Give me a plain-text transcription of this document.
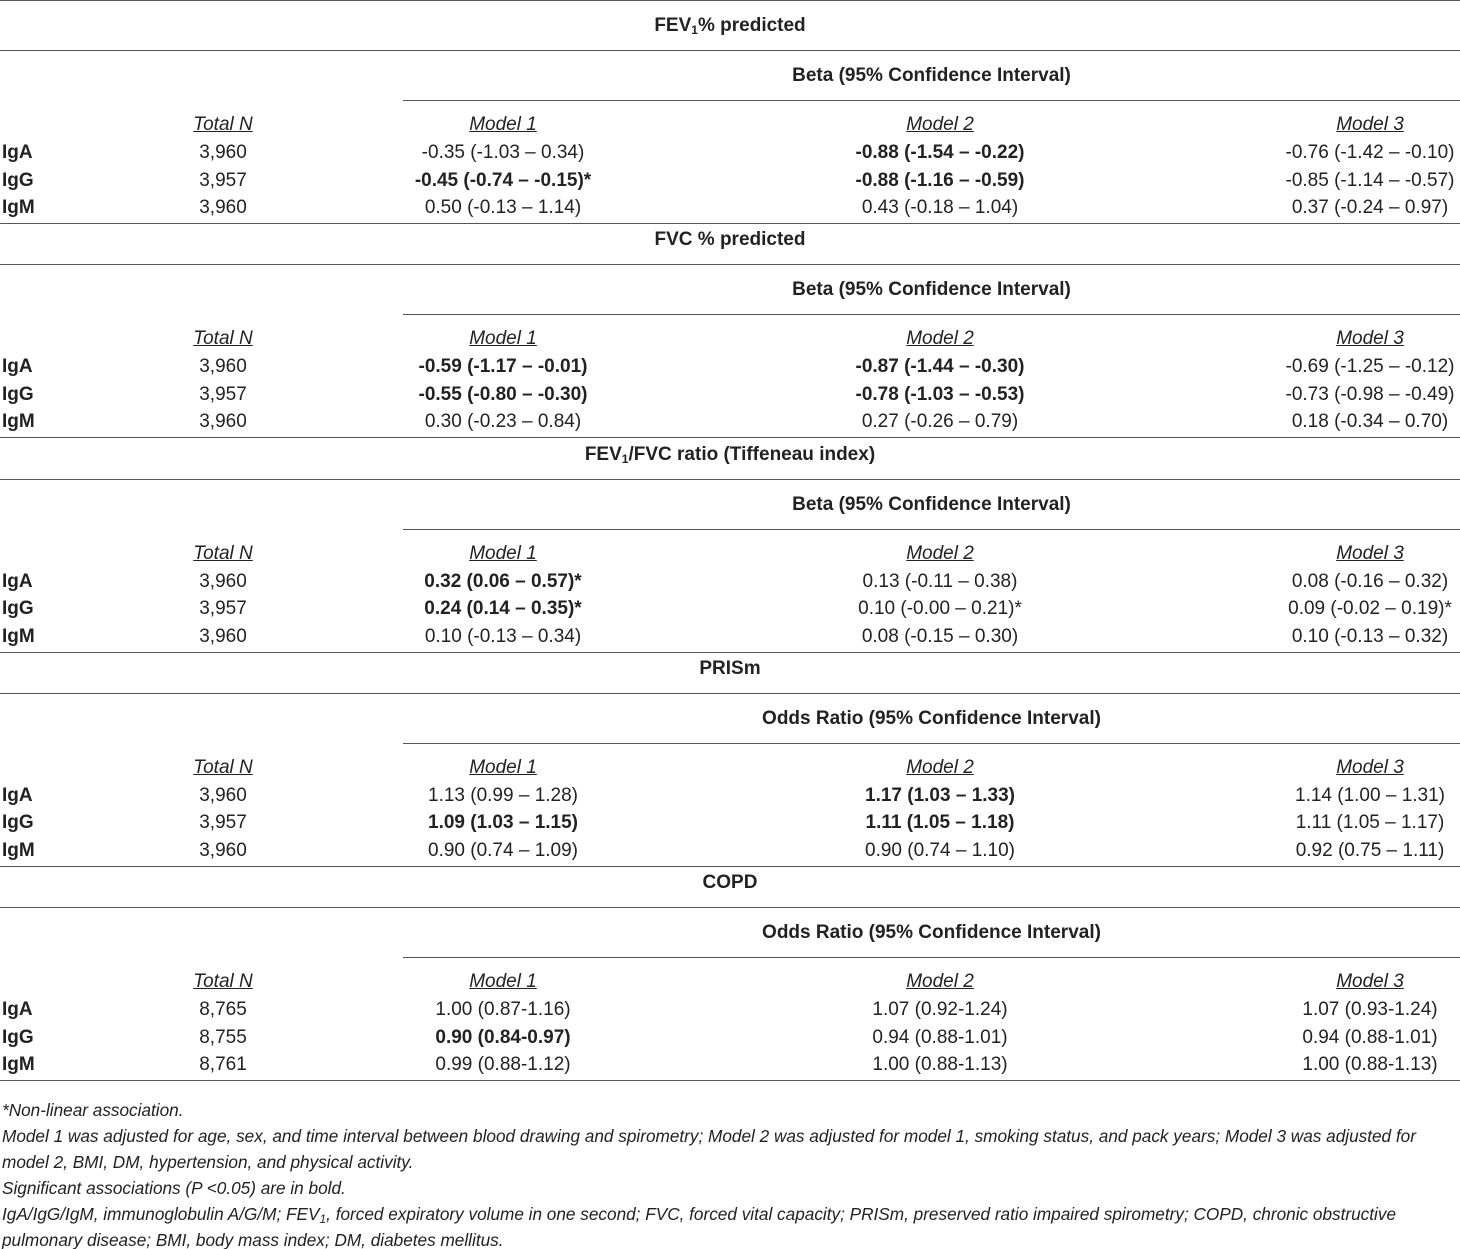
$FEV_1\%$ predicted
Beta (95% Confidence Interval)
Total N	Model 1	Model 2	Model 3
IgA	3,960	-0.35 (-1.03 – 0.34)	-0.88 (-1.54 – -0.22)	-0.76 (-1.42 – -0.10)
IgG	3,957	-0.45 (-0.74 – -0.15)*	-0.88 (-1.16 – -0.59)	-0.85 (-1.14 – -0.57)
IgM	3,960	0.50 (-0.13 – 1.14)	0.43 (-0.18 – 1.04)	0.37 (-0.24 – 0.97)
FVC % predicted
Beta (95% Confidence Interval)
Total N	Model 1	Model 2	Model 3
IgA	3,960	-0.59 (-1.17 – -0.01)	-0.87 (-1.44 – -0.30)	-0.69 (-1.25 – -0.12)
IgG	3,957	-0.55 (-0.80 – -0.30)	-0.78 (-1.03 – -0.53)	-0.73 (-0.98 – -0.49)
IgM	3,960	0.30 (-0.23 – 0.84)	0.27 (-0.26 – 0.79)	0.18 (-0.34 – 0.70)
$FEV_1$/FVC ratio (Tiffeneau index)
Beta (95% Confidence Interval)
Total N	Model 1	Model 2	Model 3
IgA	3,960	0.32 (0.06 – 0.57)*	0.13 (-0.11 – 0.38)	0.08 (-0.16 – 0.32)
IgG	3,957	0.24 (0.14 – 0.35)*	0.10 (-0.00 – 0.21)*	0.09 (-0.02 – 0.19)*
IgM	3,960	0.10 (-0.13 – 0.34)	0.08 (-0.15 – 0.30)	0.10 (-0.13 – 0.32)
PRISm
Odds Ratio (95% Confidence Interval)
Total N	Model 1	Model 2	Model 3
IgA	3,960	1.13 (0.99 – 1.28)	1.17 (1.03 – 1.33)	1.14 (1.00 – 1.31)
IgG	3,957	1.09 (1.03 – 1.15)	1.11 (1.05 – 1.18)	1.11 (1.05 – 1.17)
IgM	3,960	0.90 (0.74 – 1.09)	0.90 (0.74 – 1.10)	0.92 (0.75 – 1.11)
COPD
Odds Ratio (95% Confidence Interval)
Total N	Model 1	Model 2	Model 3
IgA	8,765	1.00 (0.87-1.16)	1.07 (0.92-1.24)	1.07 (0.93-1.24)
IgG	8,755	0.90 (0.84-0.97)	0.94 (0.88-1.01)	0.94 (0.88-1.01)
IgM	8,761	0.99 (0.88-1.12)	1.00 (0.88-1.13)	1.00 (0.88-1.13)

*Non-linear association.

Model 1 was adjusted for age, sex, and time interval between blood drawing and spirometry; Model 2 was adjusted for model 1, smoking status, and pack years; Model 3 was adjusted for model 2, BMI, DM, hypertension, and physical activity.

Significant associations (P <0.05) are in bold.

IgA/IgG/IgM, immunoglobulin A/G/M; $FEV_1$, forced expiratory volume in one second; FVC, forced vital capacity; PRISm, preserved ratio impaired spirometry; COPD, chronic obstructive pulmonary disease; BMI, body mass index; DM, diabetes mellitus.
